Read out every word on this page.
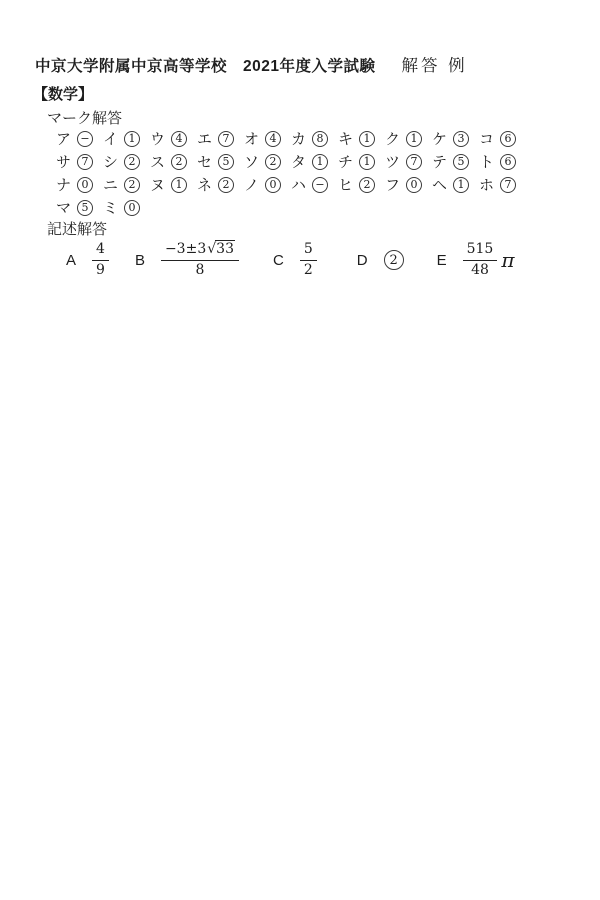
中京大学附属中京高等学校　2021年度入学試験 解答 例
【数学】
マーク解答
ア − イ 1 ウ 4 エ 7 オ 4 カ 8 キ 1 ク 1 ケ 3 コ 6
サ 7 シ 2 ス 2 セ 5 ソ 2 タ 1 チ 1 ツ 7 テ 5 ト 6
ナ 0 ニ 2 ヌ 1 ネ 2 ノ 0 ハ − ヒ 2 フ 0 ヘ 1 ホ 7
マ 5 ミ 0
記述解答
A $\frac{4}{9}$ B $\frac{-3\pm 3√33}{8}$ C $\frac{5}{2}$	D	2	E $\frac{515}{48}$ π
